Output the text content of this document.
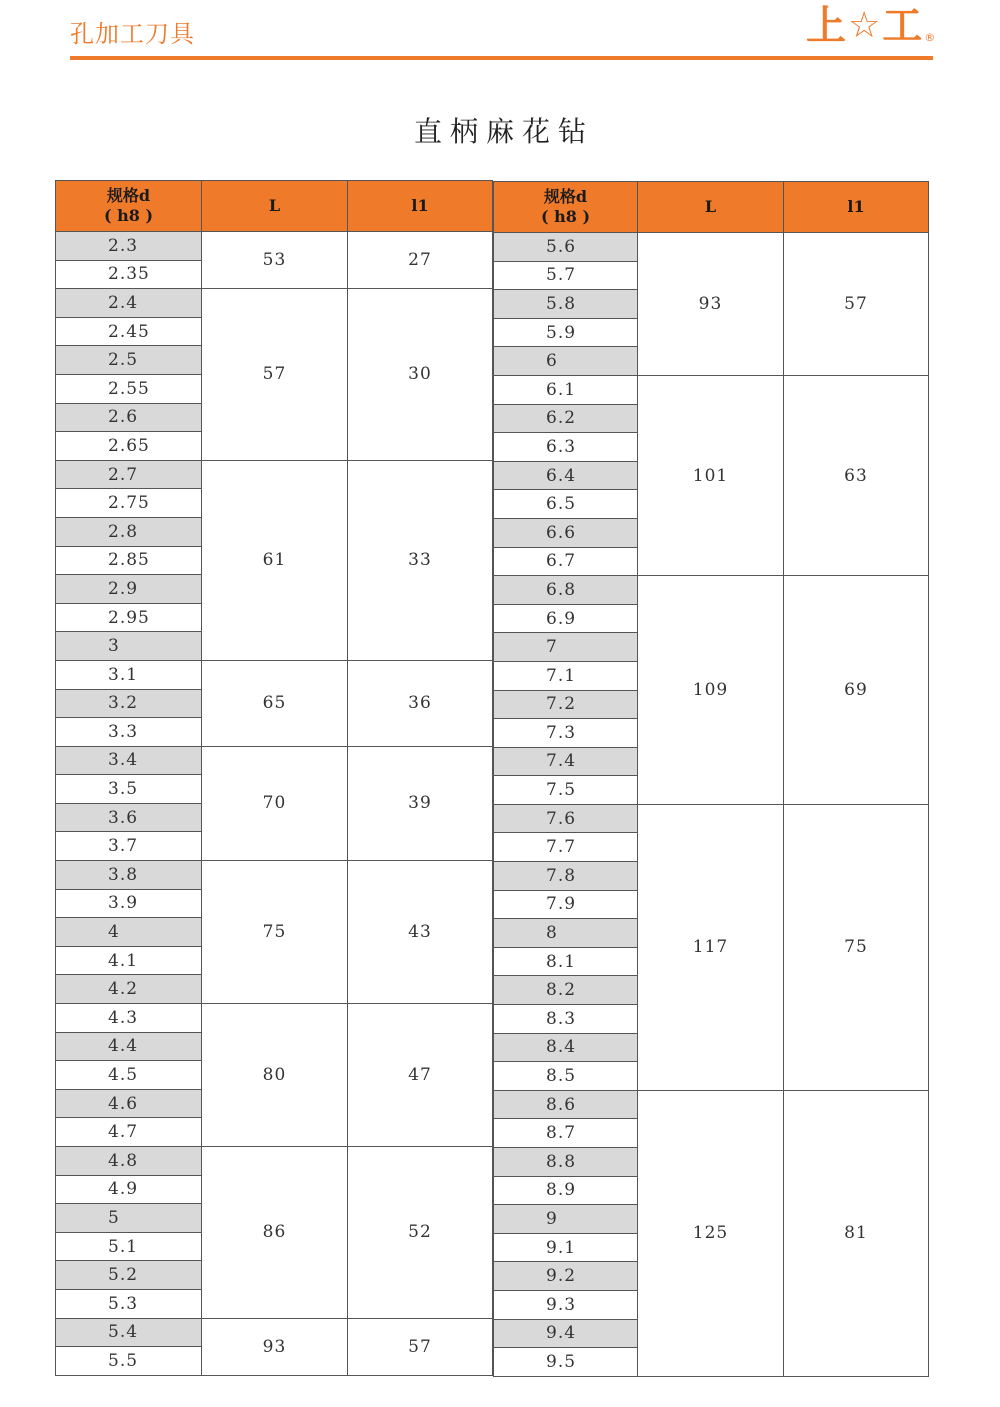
孔加工刀具	上 ☆ 工 ®
直柄麻花钻
规格d
( h8 )	L	l1
2.3	53	27
2.35		
2.4	57	30
2.45		
2.5		
2.55		
2.6		
2.65		
2.7	61	33
2.75		
2.8		
2.85		
2.9		
2.95		
3		
3.1	65	36
3.2		
3.3		
3.4	70	39
3.5		
3.6		
3.7		
3.8	75	43
3.9		
4		
4.1		
4.2		
4.3	80	47
4.4		
4.5		
4.6		
4.7		
4.8	86	52
4.9		
5		
5.1		
5.2		
5.3		
5.4	93	57
5.5		
规格d
( h8 )	L	l1
5.6	93	57
5.7		
5.8		
5.9		
6		
6.1	101	63
6.2		
6.3		
6.4		
6.5		
6.6		
6.7		
6.8	109	69
6.9		
7		
7.1		
7.2		
7.3		
7.4		
7.5		
7.6	117	75
7.7		
7.8		
7.9		
8		
8.1		
8.2		
8.3		
8.4		
8.5		
8.6	125	81
8.7		
8.8		
8.9		
9		
9.1		
9.2		
9.3		
9.4		
9.5		
